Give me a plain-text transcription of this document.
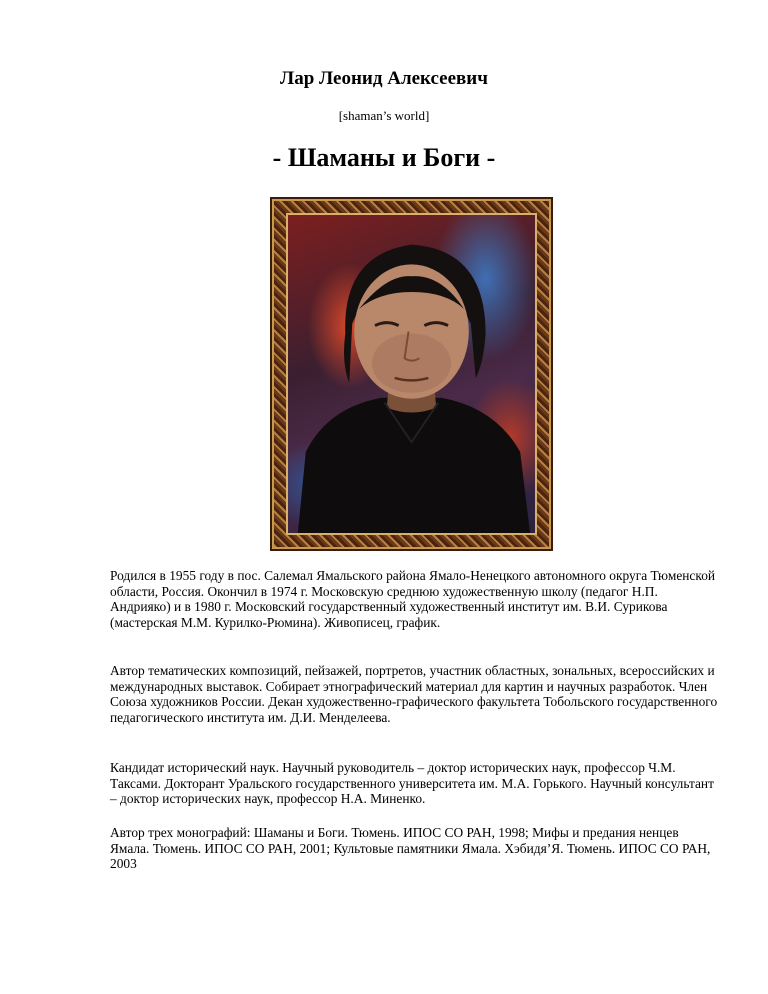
Лар Леонид Алексеевич
[shaman’s world]
- Шаманы и Боги -

Родился в 1955 году в пос. Салемал Ямальского района Ямало-Ненецкого автономного округа Тюменской области, Россия. Окончил в 1974 г. Московскую среднюю художественную школу (педагог Н.П. Андрияко) и в 1980 г. Московский государственный художественный институт им. В.И. Сурикова (мастерская М.М. Курилко-Рюмина). Живописец, график.

Автор тематических композиций, пейзажей, портретов, участник областных, зональных, всероссийских и международных выставок. Собирает этнографический материал для картин и научных разработок. Член Союза художников России. Декан художественно-графического факультета Тобольского государственного педагогического института им. Д.И. Менделеева.

Кандидат исторический наук. Научный руководитель – доктор исторических наук, профессор Ч.М. Таксами. Докторант Уральского государственного университета им. М.А. Горького. Научный консультант – доктор исторических наук, профессор Н.А. Миненко.

Автор трех монографий: Шаманы и Боги. Тюмень. ИПОС СО РАН, 1998; Мифы и предания ненцев Ямала. Тюмень. ИПОС СО РАН, 2001; Культовые памятники Ямала. Хэбидя’Я. Тюмень. ИПОС СО РАН, 2003
